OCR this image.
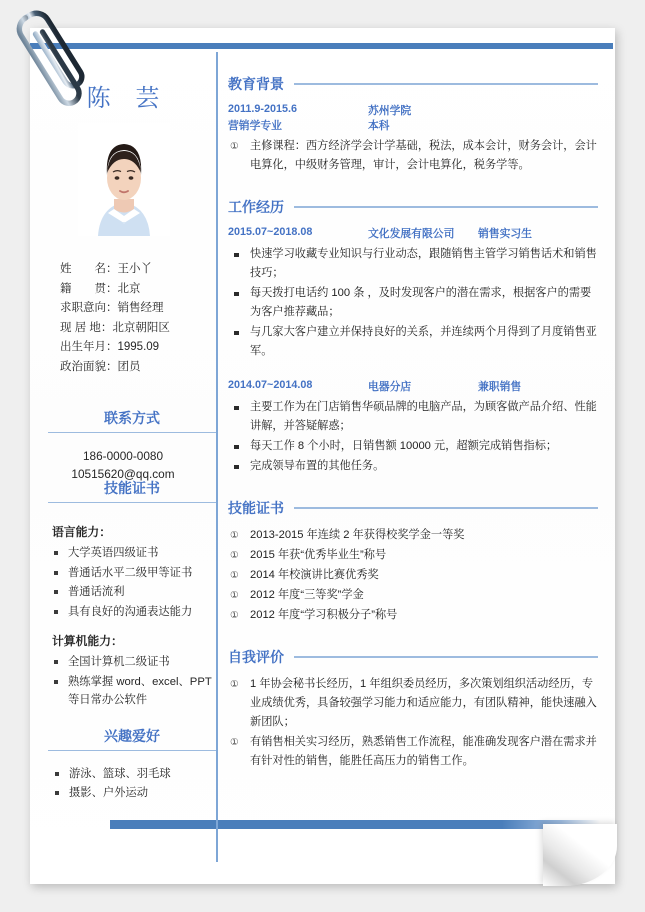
陈 芸
姓　　名：王小丫
籍　　贯：北京
求职意向：销售经理
现 居 地：北京朝阳区
出生年月：1995.09
政治面貌：团员
联系方式
186-0000-0080
10515620@qq.com
技能证书
语言能力：
大学英语四级证书
普通话水平二级甲等证书
普通话流利
具有良好的沟通表达能力
计算机能力：
全国计算机二级证书
熟练掌握 word、excel、PPT 等日常办公软件
兴趣爱好
游泳、篮球、羽毛球
摄影、户外运动
教育背景
2011.9-2015.6	苏州学院
营销学专业	本科
① 主修课程：西方经济学会计学基础，税法，成本会计，财务会计，会计电算化，中级财务管理，审计，会计电算化，税务学等。
工作经历
2015.07~2018.08	文化发展有限公司	销售实习生
快速学习收藏专业知识与行业动态，跟随销售主管学习销售话术和销售技巧；
每天拨打电话约 100 条 ，及时发现客户的潜在需求，根据客户的需要为客户推荐藏品；
与几家大客户建立并保持良好的关系，并连续两个月得到了月度销售亚军。
2014.07~2014.08	电器分店	兼职销售
主要工作为在门店销售华硕品牌的电脑产品，为顾客做产品介绍、性能讲解，并答疑解惑；
每天工作 8 个小时，日销售额 10000 元，超额完成销售指标；
完成领导布置的其他任务。
技能证书
① 2013-2015 年连续 2 年获得校奖学金一等奖
① 2015 年获“优秀毕业生”称号
① 2014 年校演讲比赛优秀奖
① 2012 年度“三等奖”学金
① 2012 年度“学习积极分子”称号
自我评价
① 1 年协会秘书长经历，1 年组织委员经历，多次策划组织活动经历，专业成绩优秀，具备较强学习能力和适应能力，有团队精神，能快速融入新团队；
① 有销售相关实习经历，熟悉销售工作流程，能准确发现客户潜在需求并有针对性的销售，能胜任高压力的销售工作。
